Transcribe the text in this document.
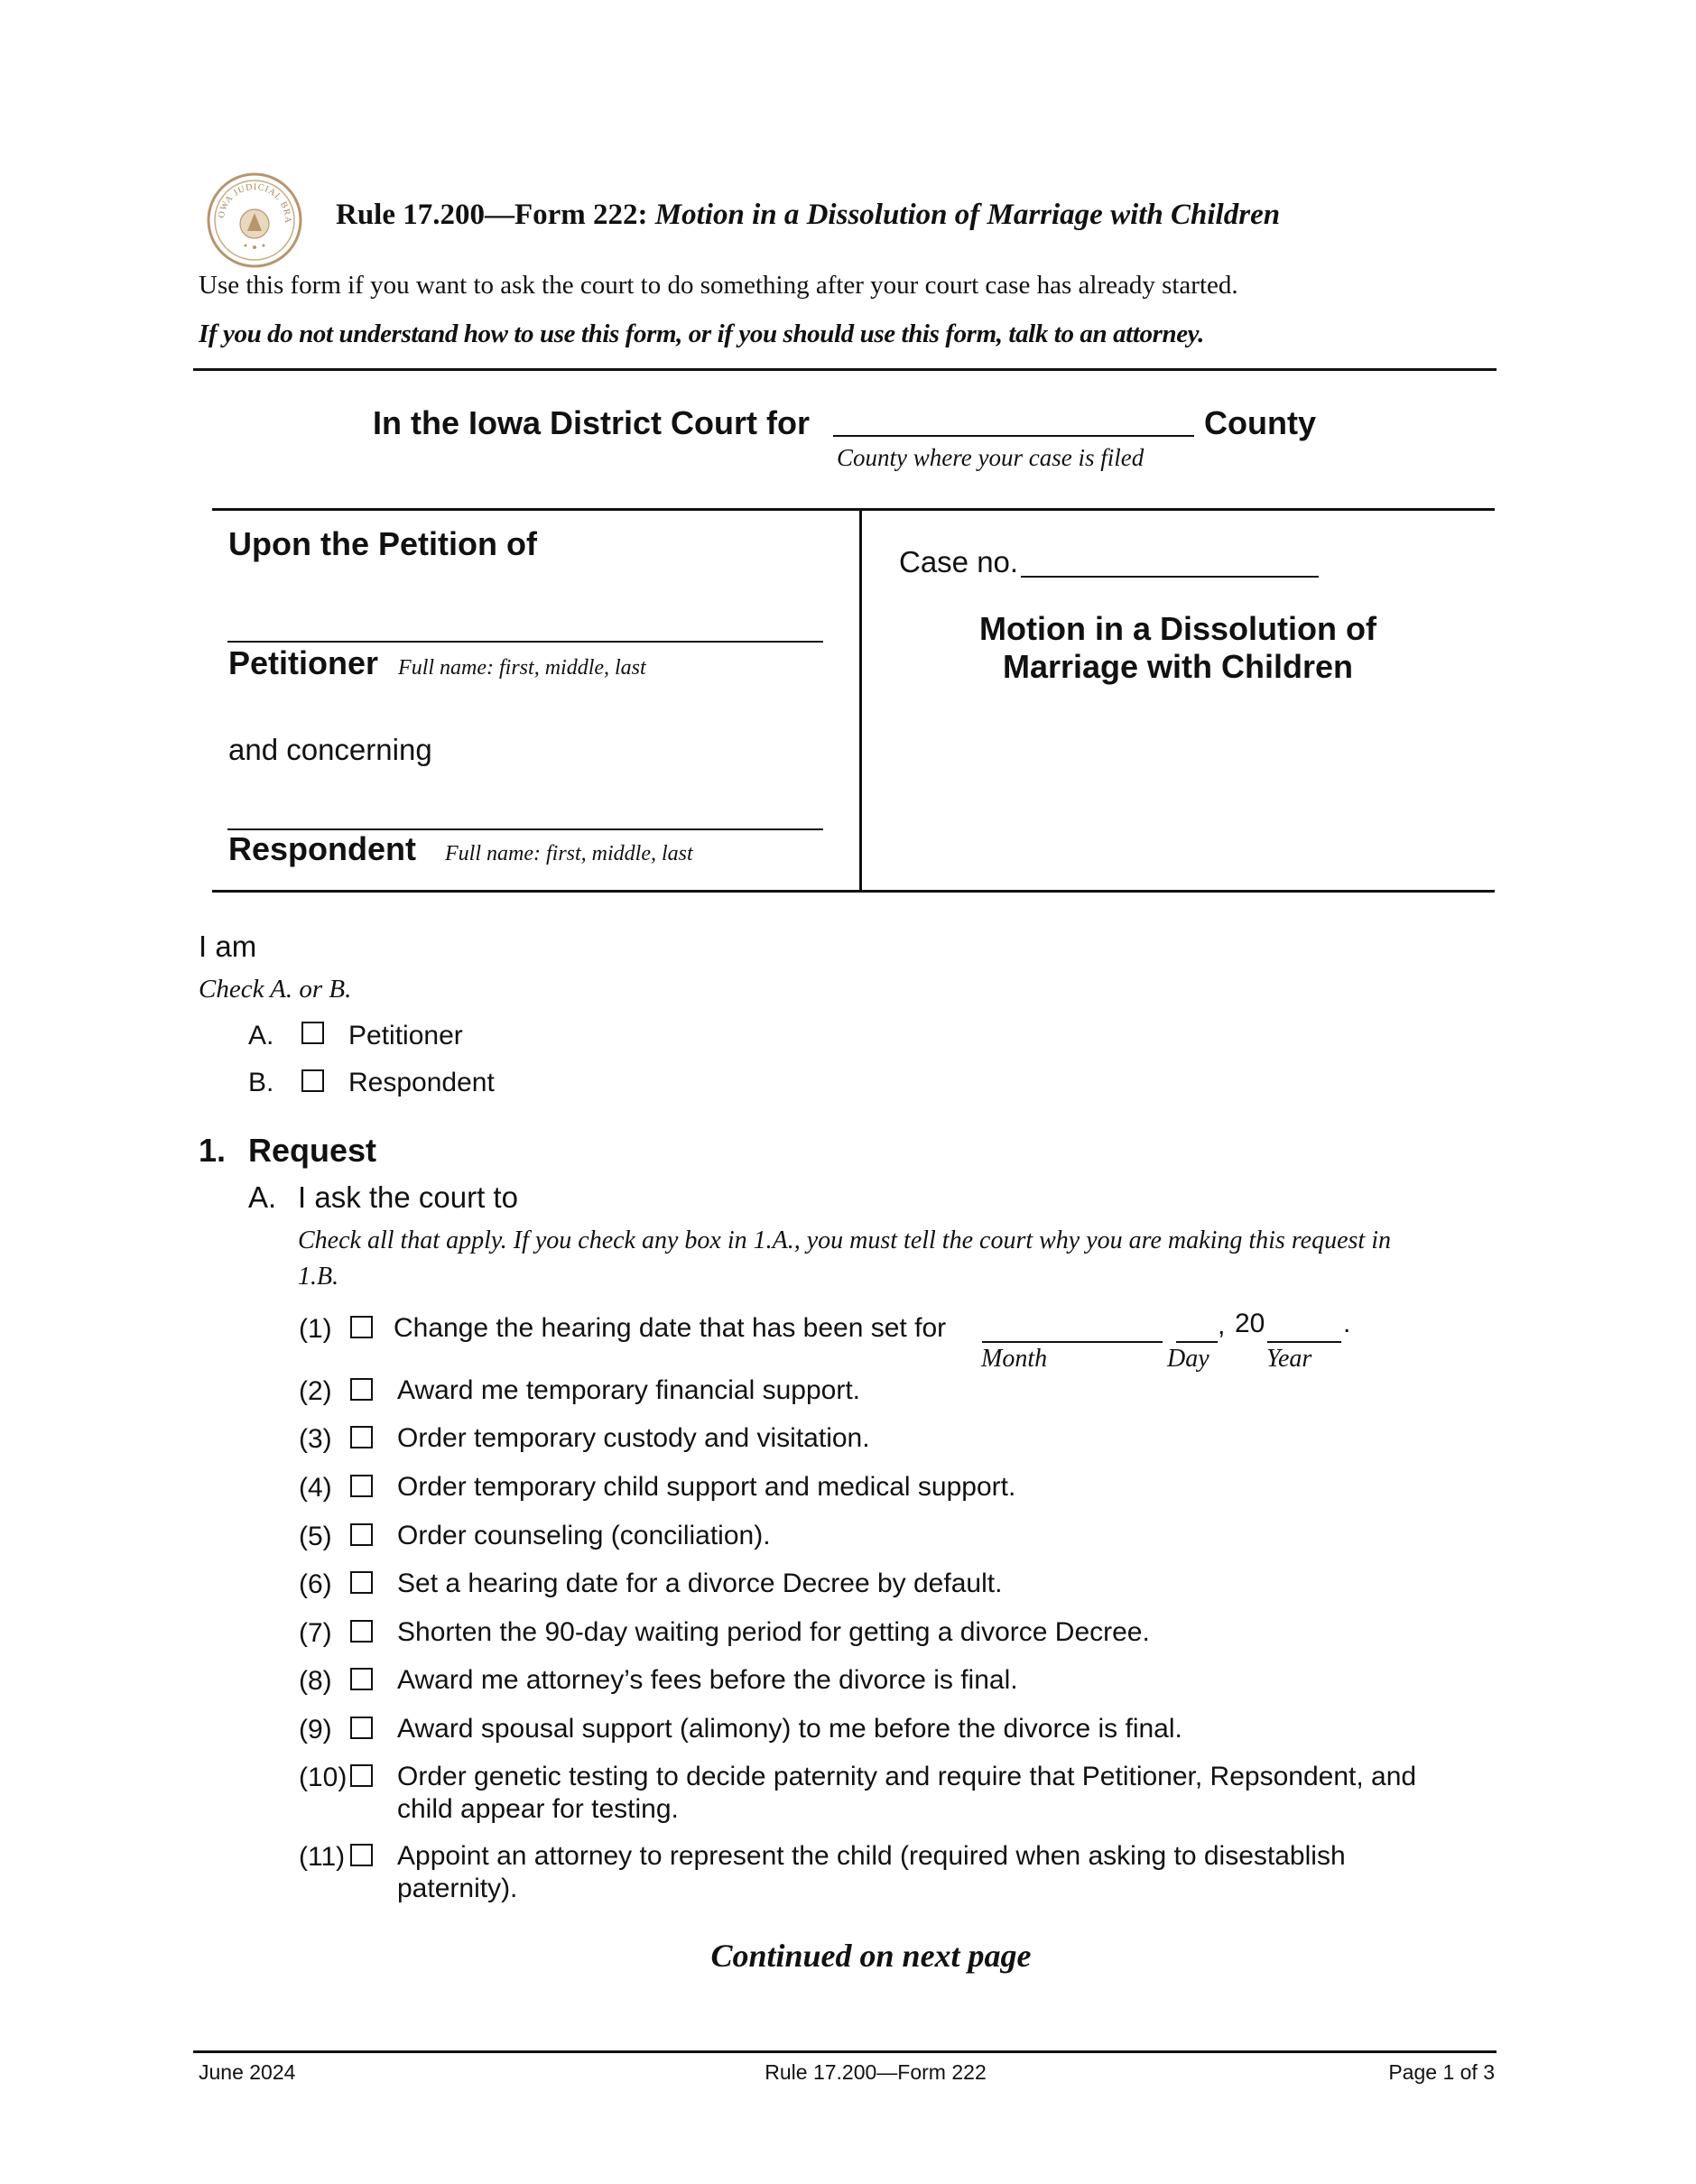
OWA JUDICIAL BRA Rule 17.200—Form 222: Motion in a Dissolution of Marriage with Children
Use this form if you want to ask the court to do something after your court case has already started.
If you do not understand how to use this form, or if you should use this form, talk to an attorney.
In the Iowa District Court for	County
County where your case is filed
Upon the Petition of
Petitioner Full name: first, middle, last
and concerning
Respondent Full name: first, middle, last
Case no.
Motion in a Dissolution of
Marriage with Children
I am
Check A. or B.
A.	Petitioner
B.	Respondent
1. Request
A. I ask the court to
Check all that apply. If you check any box in 1.A., you must tell the court why you are making this request in
1.B.
(1) Change the hearing date that has been set for	, 20	.
Month	Day Year
(2) Award me temporary financial support.
(3) Order temporary custody and visitation.
(4) Order temporary child support and medical support.
(5) Order counseling (conciliation).
(6) Set a hearing date for a divorce Decree by default.
(7) Shorten the 90-day waiting period for getting a divorce Decree.
(8) Award me attorney’s fees before the divorce is final.
(9) Award spousal support (alimony) to me before the divorce is final.
(10) Order genetic testing to decide paternity and require that Petitioner, Repsondent, and
child appear for testing.
(11) Appoint an attorney to represent the child (required when asking to disestablish
paternity).
Continued on next page
June 2024	Rule 17.200—Form 222	Page 1 of 3
